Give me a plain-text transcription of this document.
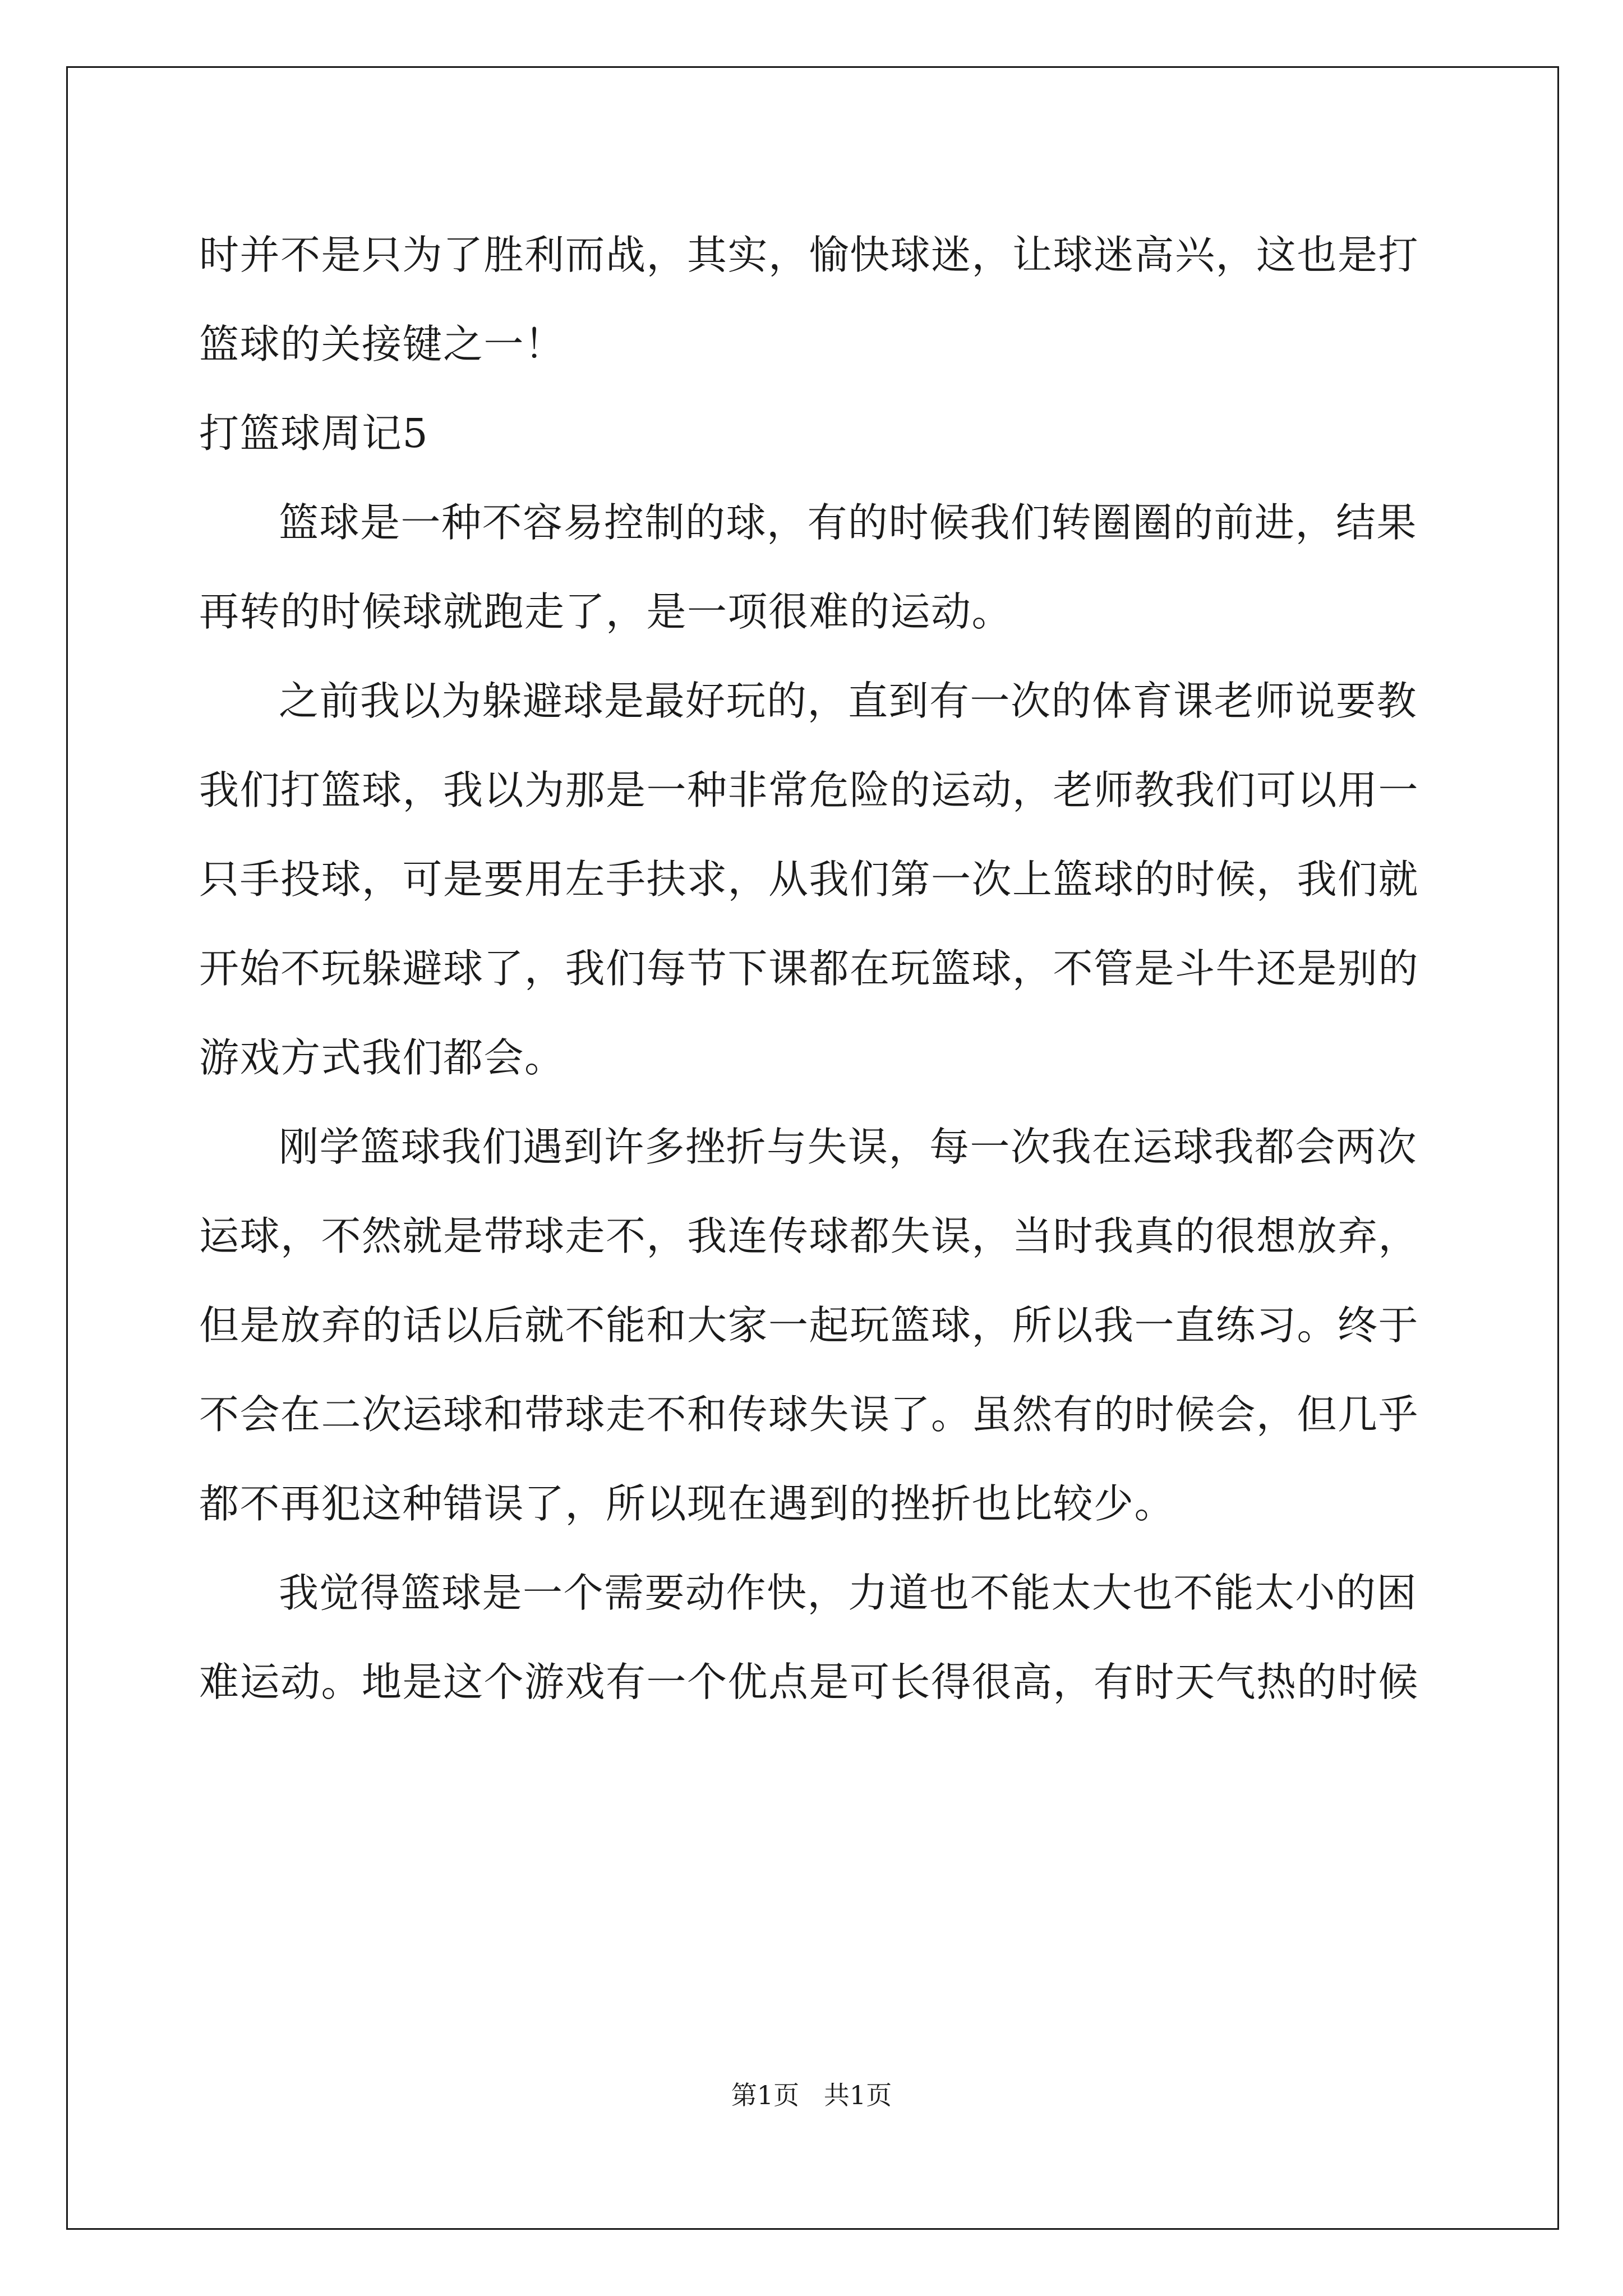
时并不是只为了胜利而战，其实，愉快球迷，让球迷高兴，这也是打
篮球的关接键之一！
打篮球周记5
篮球是一种不容易控制的球，有的时候我们转圈圈的前进，结果
再转的时候球就跑走了，是一项很难的运动。
之前我以为躲避球是最好玩的，直到有一次的体育课老师说要教
我们打篮球，我以为那是一种非常危险的运动，老师教我们可以用一
只手投球，可是要用左手扶求，从我们第一次上篮球的时候，我们就
开始不玩躲避球了，我们每节下课都在玩篮球，不管是斗牛还是别的
游戏方式我们都会。
刚学篮球我们遇到许多挫折与失误，每一次我在运球我都会两次
运球，不然就是带球走不，我连传球都失误，当时我真的很想放弃，
但是放弃的话以后就不能和大家一起玩篮球，所以我一直练习。终于
不会在二次运球和带球走不和传球失误了。虽然有的时候会，但几乎
都不再犯这种错误了，所以现在遇到的挫折也比较少。
我觉得篮球是一个需要动作快，力道也不能太大也不能太小的困
难运动。地是这个游戏有一个优点是可长得很高，有时天气热的时候
第1页   共1页
